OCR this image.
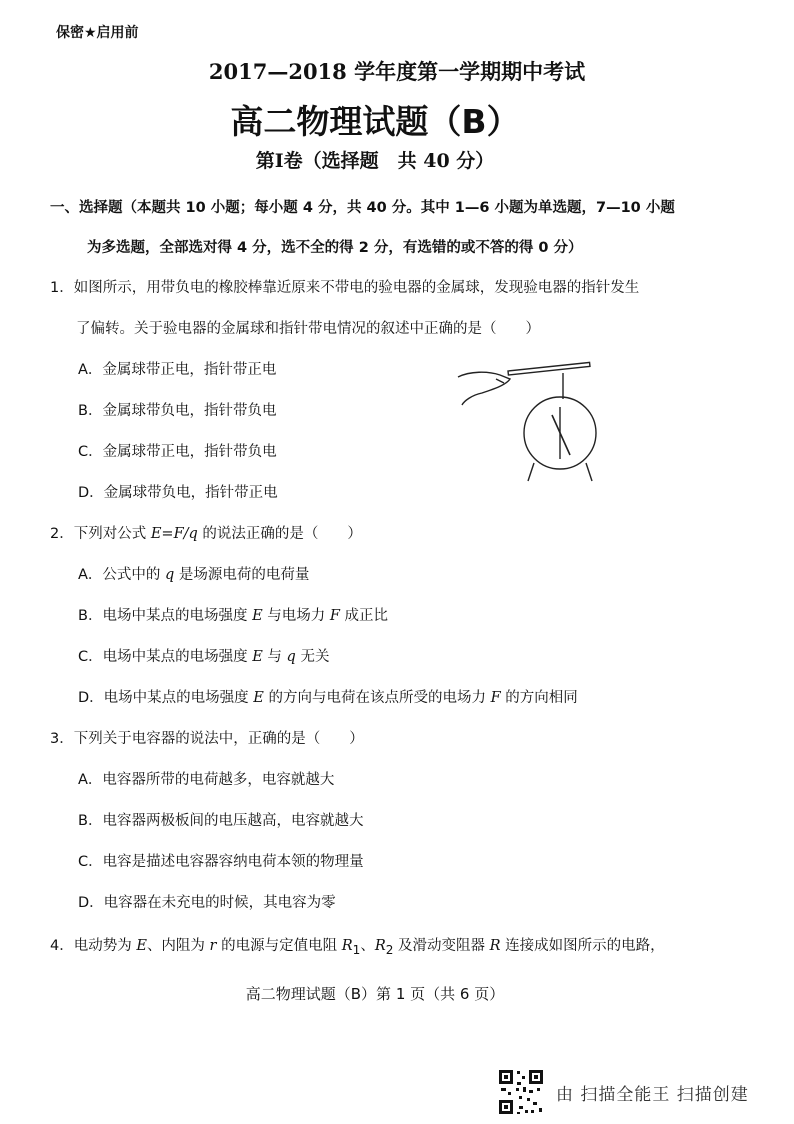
保密★启用前
2017—2018 学年度第一学期期中考试
高二物理试题（B）
第Ⅰ卷（选择题　共 40 分）
一、选择题（本题共 10 小题；每小题 4 分，共 40 分。其中 1—6 小题为单选题，7—10 小题
为多选题，全部选对得 4 分，选不全的得 2 分，有选错的或不答的得 0 分）
1．如图所示，用带负电的橡胶棒靠近原来不带电的验电器的金属球，发现验电器的指针发生
了偏转。关于验电器的金属球和指针带电情况的叙述中正确的是（　　）
A．金属球带正电，指针带正电
B．金属球带负电，指针带负电
C．金属球带正电，指针带负电
D．金属球带负电，指针带正电
2．下列对公式 E=F/q 的说法正确的是（　　）
A．公式中的 q 是场源电荷的电荷量
B．电场中某点的电场强度 E 与电场力 F 成正比
C．电场中某点的电场强度 E 与 q 无关
D．电场中某点的电场强度 E 的方向与电荷在该点所受的电场力 F 的方向相同
3．下列关于电容器的说法中，正确的是（　　）
A．电容器所带的电荷越多，电容就越大
B．电容器两极板间的电压越高，电容就越大
C．电容是描述电容器容纳电荷本领的物理量
D．电容器在未充电的时候，其电容为零
4．电动势为 E、内阻为 r 的电源与定值电阻 $R_1$、$R_2$ 及滑动变阻器 R 连接成如图所示的电路，
高二物理试题（B）第 1 页（共 6 页）
由 扫描全能王 扫描创建
